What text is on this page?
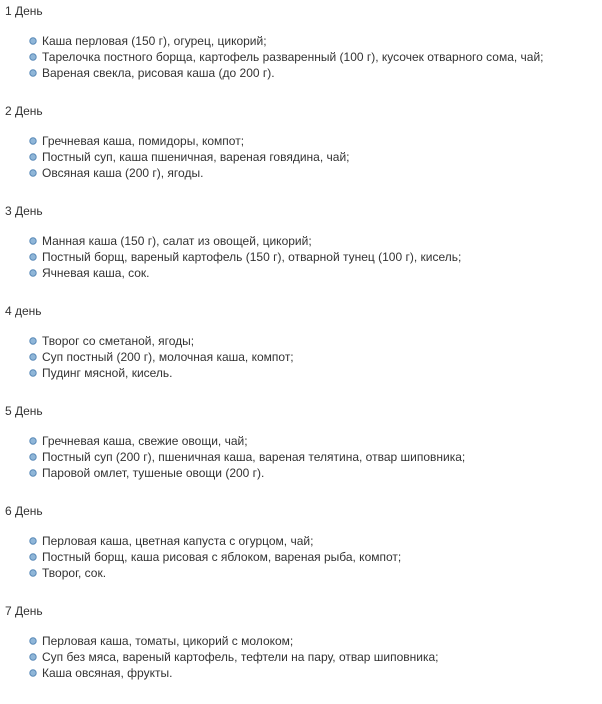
1 День
Каша перловая (150 г), огурец, цикорий;
Тарелочка постного борща, картофель разваренный (100 г), кусочек отварного сома, чай;
Вареная свекла, рисовая каша (до 200 г).
2 День
Гречневая каша, помидоры, компот;
Постный суп, каша пшеничная, вареная говядина, чай;
Овсяная каша (200 г), ягоды.
3 День
Манная каша (150 г), салат из овощей, цикорий;
Постный борщ, вареный картофель (150 г), отварной тунец (100 г), кисель;
Ячневая каша, сок.
4 день
Творог со сметаной, ягоды;
Суп постный (200 г), молочная каша, компот;
Пудинг мясной, кисель.
5 День
Гречневая каша, свежие овощи, чай;
Постный суп (200 г), пшеничная каша, вареная телятина, отвар шиповника;
Паровой омлет, тушеные овощи (200 г).
6 День
Перловая каша, цветная капуста с огурцом, чай;
Постный борщ, каша рисовая с яблоком, вареная рыба, компот;
Творог, сок.
7 День
Перловая каша, томаты, цикорий с молоком;
Суп без мяса, вареный картофель, тефтели на пару, отвар шиповника;
Каша овсяная, фрукты.
